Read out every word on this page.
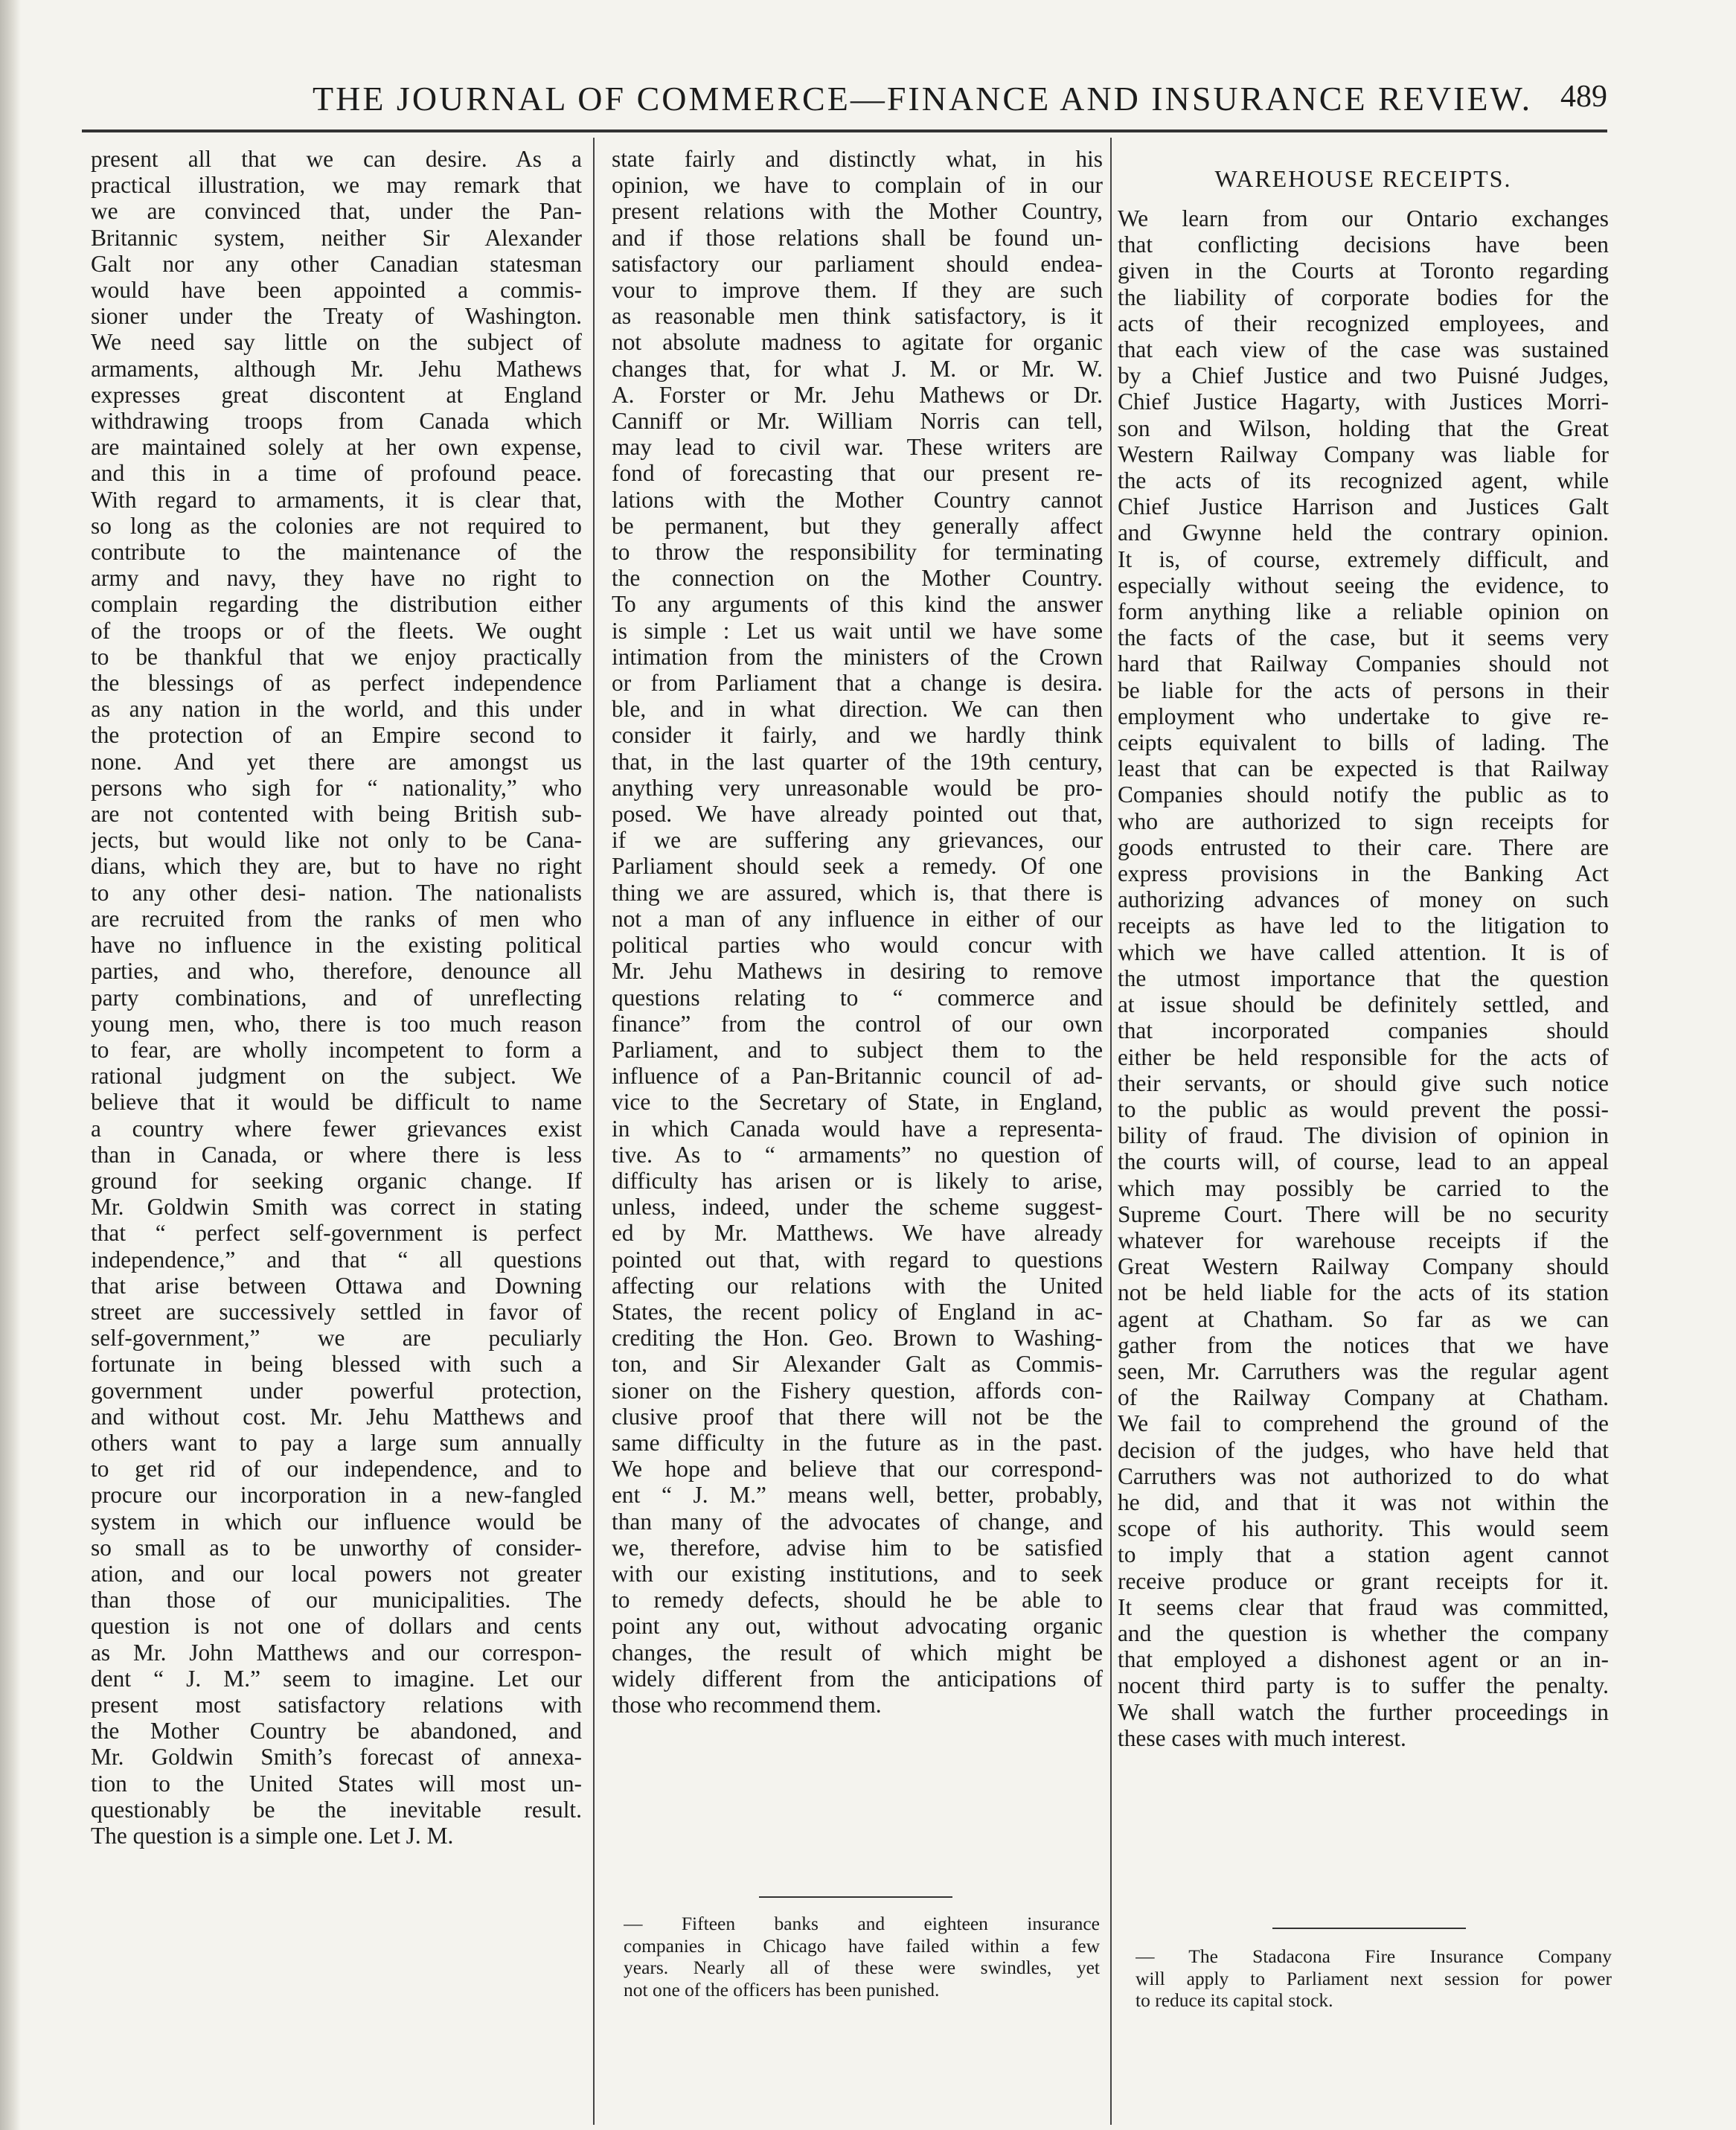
THE JOURNAL OF COMMERCE—FINANCE AND INSURANCE REVIEW. 489
present all that we can desire. As a
practical illustration, we may remark that
we are convinced that, under the Pan-
Britannic system, neither Sir Alexander
Galt nor any other Canadian statesman
would have been appointed a commis-
sioner under the Treaty of Washington.
We need say little on the subject of
armaments, although Mr. Jehu Mathews
expresses great discontent at England
withdrawing troops from Canada which
are maintained solely at her own expense,
and this in a time of profound peace.
With regard to armaments, it is clear that,
so long as the colonies are not required to
contribute to the maintenance of the
army and navy, they have no right to
complain regarding the distribution either
of the troops or of the fleets. We ought
to be thankful that we enjoy practically
the blessings of as perfect independence
as any nation in the world, and this under
the protection of an Empire second to
none. And yet there are amongst us
persons who sigh for “ nationality,” who
are not contented with being British sub-
jects, but would like not only to be Cana-
dians, which they are, but to have no right
to any other desi- nation. The nationalists
are recruited from the ranks of men who
have no influence in the existing political
parties, and who, therefore, denounce all
party combinations, and of unreflecting
young men, who, there is too much reason
to fear, are wholly incompetent to form a
rational judgment on the subject. We
believe that it would be difficult to name
a country where fewer grievances exist
than in Canada, or where there is less
ground for seeking organic change. If
Mr. Goldwin Smith was correct in stating
that “ perfect self-government is perfect
independence,” and that “ all questions
that arise between Ottawa and Downing
street are successively settled in favor of
self-government,” we are peculiarly
fortunate in being blessed with such a
government under powerful protection,
and without cost. Mr. Jehu Matthews and
others want to pay a large sum annually
to get rid of our independence, and to
procure our incorporation in a new-fangled
system in which our influence would be
so small as to be unworthy of consider-
ation, and our local powers not greater
than those of our municipalities. The
question is not one of dollars and cents
as Mr. John Matthews and our correspon-
dent “ J. M.” seem to imagine. Let our
present most satisfactory relations with
the Mother Country be abandoned, and
Mr. Goldwin Smith’s forecast of annexa-
tion to the United States will most un-
questionably be the inevitable result.
The question is a simple one. Let J. M.
state fairly and distinctly what, in his
opinion, we have to complain of in our
present relations with the Mother Country,
and if those relations shall be found un-
satisfactory our parliament should endea-
vour to improve them. If they are such
as reasonable men think satisfactory, is it
not absolute madness to agitate for organic
changes that, for what J. M. or Mr. W.
A. Forster or Mr. Jehu Mathews or Dr.
Canniff or Mr. William Norris can tell,
may lead to civil war. These writers are
fond of forecasting that our present re-
lations with the Mother Country cannot
be permanent, but they generally affect
to throw the responsibility for terminating
the connection on the Mother Country.
To any arguments of this kind the answer
is simple : Let us wait until we have some
intimation from the ministers of the Crown
or from Parliament that a change is desira.
ble, and in what direction. We can then
consider it fairly, and we hardly think
that, in the last quarter of the 19th century,
anything very unreasonable would be pro-
posed. We have already pointed out that,
if we are suffering any grievances, our
Parliament should seek a remedy. Of one
thing we are assured, which is, that there is
not a man of any influence in either of our
political parties who would concur with
Mr. Jehu Mathews in desiring to remove
questions relating to “ commerce and
finance” from the control of our own
Parliament, and to subject them to the
influence of a Pan-Britannic council of ad-
vice to the Secretary of State, in England,
in which Canada would have a representa-
tive. As to “ armaments” no question of
difficulty has arisen or is likely to arise,
unless, indeed, under the scheme suggest-
ed by Mr. Matthews. We have already
pointed out that, with regard to questions
affecting our relations with the United
States, the recent policy of England in ac-
crediting the Hon. Geo. Brown to Washing-
ton, and Sir Alexander Galt as Commis-
sioner on the Fishery question, affords con-
clusive proof that there will not be the
same difficulty in the future as in the past.
We hope and believe that our correspond-
ent “ J. M.” means well, better, probably,
than many of the advocates of change, and
we, therefore, advise him to be satisfied
with our existing institutions, and to seek
to remedy defects, should he be able to
point any out, without advocating organic
changes, the result of which might be
widely different from the anticipations of
those who recommend them.
WAREHOUSE RECEIPTS.
We learn from our Ontario exchanges
that conflicting decisions have been
given in the Courts at Toronto regarding
the liability of corporate bodies for the
acts of their recognized employees, and
that each view of the case was sustained
by a Chief Justice and two Puisné Judges,
Chief Justice Hagarty, with Justices Morri-
son and Wilson, holding that the Great
Western Railway Company was liable for
the acts of its recognized agent, while
Chief Justice Harrison and Justices Galt
and Gwynne held the contrary opinion.
It is, of course, extremely difficult, and
especially without seeing the evidence, to
form anything like a reliable opinion on
the facts of the case, but it seems very
hard that Railway Companies should not
be liable for the acts of persons in their
employment who undertake to give re-
ceipts equivalent to bills of lading. The
least that can be expected is that Railway
Companies should notify the public as to
who are authorized to sign receipts for
goods entrusted to their care. There are
express provisions in the Banking Act
authorizing advances of money on such
receipts as have led to the litigation to
which we have called attention. It is of
the utmost importance that the question
at issue should be definitely settled, and
that incorporated companies should
either be held responsible for the acts of
their servants, or should give such notice
to the public as would prevent the possi-
bility of fraud. The division of opinion in
the courts will, of course, lead to an appeal
which may possibly be carried to the
Supreme Court. There will be no security
whatever for warehouse receipts if the
Great Western Railway Company should
not be held liable for the acts of its station
agent at Chatham. So far as we can
gather from the notices that we have
seen, Mr. Carruthers was the regular agent
of the Railway Company at Chatham.
We fail to comprehend the ground of the
decision of the judges, who have held that
Carruthers was not authorized to do what
he did, and that it was not within the
scope of his authority. This would seem
to imply that a station agent cannot
receive produce or grant receipts for it.
It seems clear that fraud was committed,
and the question is whether the company
that employed a dishonest agent or an in-
nocent third party is to suffer the penalty.
We shall watch the further proceedings in
these cases with much interest.
— Fifteen banks and eighteen insurance
companies in Chicago have failed within a few
years. Nearly all of these were swindles, yet
not one of the officers has been punished.
— The Stadacona Fire Insurance Company
will apply to Parliament next session for power
to reduce its capital stock.
